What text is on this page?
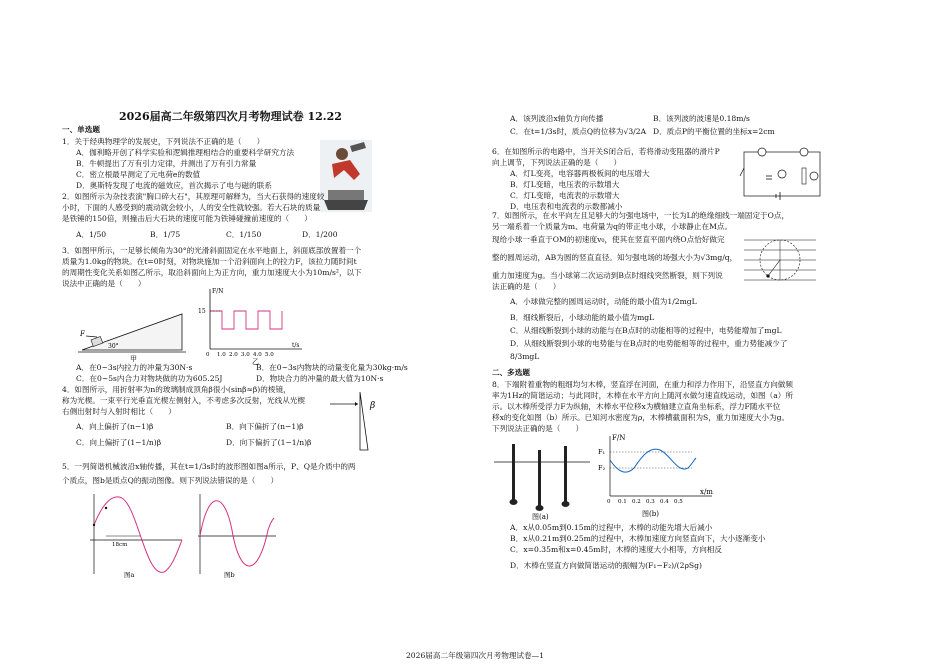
2026届高二年级第四次月考物理试卷 12.22
一、单选题
1．关于经典物理学的发展史，下列说法不正确的是（　　）
A．伽利略开创了科学实验和逻辑推理相结合的重要科学研究方法
B．牛顿提出了万有引力定律，并测出了万有引力常量
C．密立根最早测定了元电荷e的数值
D．奥斯特发现了电流的磁效应，首次揭示了电与磁的联系
2．如图所示为杂技表演"胸口碎大石"，其原理可解释为，当大石获得的速度较
小时，下面的人感受到的震动就会较小，人的安全性就较强。若大石块的质量
是铁锤的150倍，则撞击后大石块的速度可能为铁锤碰撞前速度的（　　）
A．1/50	B．1/75	C．1/150	D．1/200
3．如图甲所示，一足够长倾角为30°的光滑斜面固定在水平地面上，斜面底部放置着一个
质量为1.0kg的物块。在t=0时刻，对物块施加一个沿斜面向上的拉力F，该拉力随时间t
的周期性变化关系如图乙所示，取沿斜面向上为正方向，重力加速度大小为10m/s²，以下
说法中正确的是（　　）
F
30°
甲
F/N
t/s
15
0 1.0 2.0 3.0 4.0 5.0
乙
A．在0~3s内拉力的冲量为30N·s	B．在0~3s内物块的动量变化量为30kg·m/s
C．在0~5s内合力对物块做的功为605.25J	D．物块合力的冲量的最大值为10N·s
4．如图所示，用折射率为n的玻璃制成顶角β很小(sinβ≈β)的棱镜，
称为光楔。一束平行光垂直光楔左侧射入，不考虑多次反射，光线从光楔
右侧出射时与入射时相比（　　）
A．向上偏折了(n−1)β	B．向下偏折了(n−1)β
C．向上偏折了(1−1/n)β	D．向下偏折了(1−1/n)β
β
5．一列简谐机械波沿x轴传播，其在t=1/3s时的波形图如图a所示，P、Q是介质中的两
个质点，图b是质点Q的振动图像。则下列说法错误的是（　　）
18cm
图a	图b
A．该列波沿x轴负方向传播	B．该列波的波速是0.18m/s
C．在t=1/3s时，质点Q的位移为√3/2A D．质点P的平衡位置的坐标x=2cm
6．在如图所示的电路中，当开关S闭合后，若将滑动变阻器的滑片P
向上调节，下列说法正确的是（　　）
A．灯L变亮，电容器两极板间的电压增大
B．灯L变暗，电压表的示数增大
C．灯L变暗，电流表的示数增大
D．电压表和电流表的示数都减小
7．如图所示，在水平向左且足够大的匀强电场中，一长为L的绝缘细线一端固定于O点，
另一端系着一个质量为m、电荷量为q的带正电小球，小球静止在M点。
现给小球一垂直于OM的初速度v₀，使其在竖直平面内绕O点恰好做完
整的圆周运动，AB为圆的竖直直径。知匀强电场的场强大小为√3mg/q，
重力加速度为g。当小球第二次运动到B点时细线突然断裂，则下列说
法正确的是（　　）
A．小球做完整的圆周运动时，动能的最小值为1/2mgL
B．细线断裂后，小球动能的最小值为mgL
C．从细线断裂到小球的动能与在B点时的动能相等的过程中，电势能增加了mgL
D．从细线断裂到小球的电势能与在B点时的电势能相等的过程中，重力势能减少了
8/3mgL
二、多选题
8．下端附着重物的粗细均匀木棒，竖直浮在河面，在重力和浮力作用下，沿竖直方向做频
率为1Hz的简谐运动；与此同时，木棒在水平方向上随河水做匀速直线运动，如图（a）所
示。以木棒所受浮力F为纵轴，木棒水平位移x为横轴建立直角坐标系，浮力F随水平位
移x的变化如图（b）所示。已知河水密度为ρ，木棒横截面积为S，重力加速度大小为g。
下列说法正确的是（　　）
图(a)
F/N
x/m
F₁
F₂
0 0.1 0.2 0.3 0.4 0.5
图(b)
A．x从0.05m到0.15m的过程中，木棒的动能先增大后减小
B．x从0.21m到0.25m的过程中，木棒加速度方向竖直向下，大小逐渐变小
C．x=0.35m和x=0.45m时，木棒的速度大小相等，方向相反
D．木棒在竖直方向做简谐运动的振幅为(F₁−F₂)/(2ρSg)
2026届高二年级第四次月考物理试卷—1
